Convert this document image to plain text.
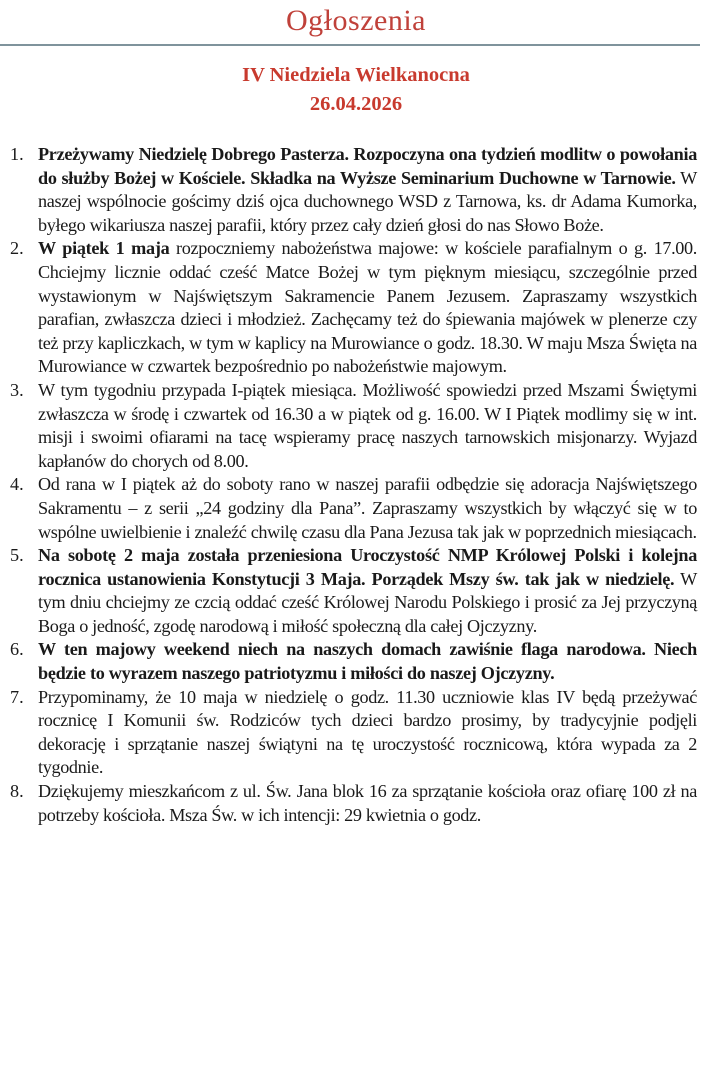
Ogłoszenia
IV Niedziela Wielkanocna
26.04.2026
1. Przeżywamy Niedzielę Dobrego Pasterza. Rozpoczyna ona tydzień modlitw o powołania do służby Bożej w Kościele. Składka na Wyższe Seminarium Duchowne w Tarnowie. W naszej wspólnocie gościmy dziś ojca duchownego WSD z Tarnowa, ks. dr Adama Kumorka, byłego wikariusza naszej parafii, który przez cały dzień głosi do nas Słowo Boże.
2. W piątek 1 maja rozpoczniemy nabożeństwa majowe: w kościele parafialnym o g. 17.00. Chciejmy licznie oddać cześć Matce Bożej w tym pięknym miesiącu, szczególnie przed wystawionym w Najświętszym Sakramencie Panem Jezusem. Zapraszamy wszystkich parafian, zwłaszcza dzieci i młodzież. Zachęcamy też do śpiewania majówek w plenerze czy też przy kapliczkach, w tym w kaplicy na Murowiance o godz. 18.30. W maju Msza Święta na Murowiance w czwartek bezpośrednio po nabożeństwie majowym.
3. W tym tygodniu przypada I-piątek miesiąca. Możliwość spowiedzi przed Mszami Świętymi zwłaszcza w środę i czwartek od 16.30 a w piątek od g. 16.00. W I Piątek modlimy się w int. misji i swoimi ofiarami na tacę wspieramy pracę naszych tarnowskich misjonarzy. Wyjazd kapłanów do chorych od 8.00.
4. Od rana w I piątek aż do soboty rano w naszej parafii odbędzie się adoracja Najświętszego Sakramentu – z serii „24 godziny dla Pana”. Zapraszamy wszystkich by włączyć się w to wspólne uwielbienie i znaleźć chwilę czasu dla Pana Jezusa tak jak w poprzednich miesiącach.
5. Na sobotę 2 maja została przeniesiona Uroczystość NMP Królowej Polski i kolejna rocznica ustanowienia Konstytucji 3 Maja. Porządek Mszy św. tak jak w niedzielę. W tym dniu chciejmy ze czcią oddać cześć Królowej Narodu Polskiego i prosić za Jej przyczyną Boga o jedność, zgodę narodową i miłość społeczną dla całej Ojczyzny.
6. W ten majowy weekend niech na naszych domach zawiśnie flaga narodowa. Niech będzie to wyrazem naszego patriotyzmu i miłości do naszej Ojczyzny.
7. Przypominamy, że 10 maja w niedzielę o godz. 11.30 uczniowie klas IV będą przeżywać rocznicę I Komunii św. Rodziców tych dzieci bardzo prosimy, by tradycyjnie podjęli dekorację i sprzątanie naszej świątyni na tę uroczystość rocznicową, która wypada za 2 tygodnie.
8. Dziękujemy mieszkańcom z ul. Św. Jana blok 16 za sprzątanie kościoła oraz ofiarę 100 zł na potrzeby kościoła. Msza Św. w ich intencji: 29 kwietnia o godz.
